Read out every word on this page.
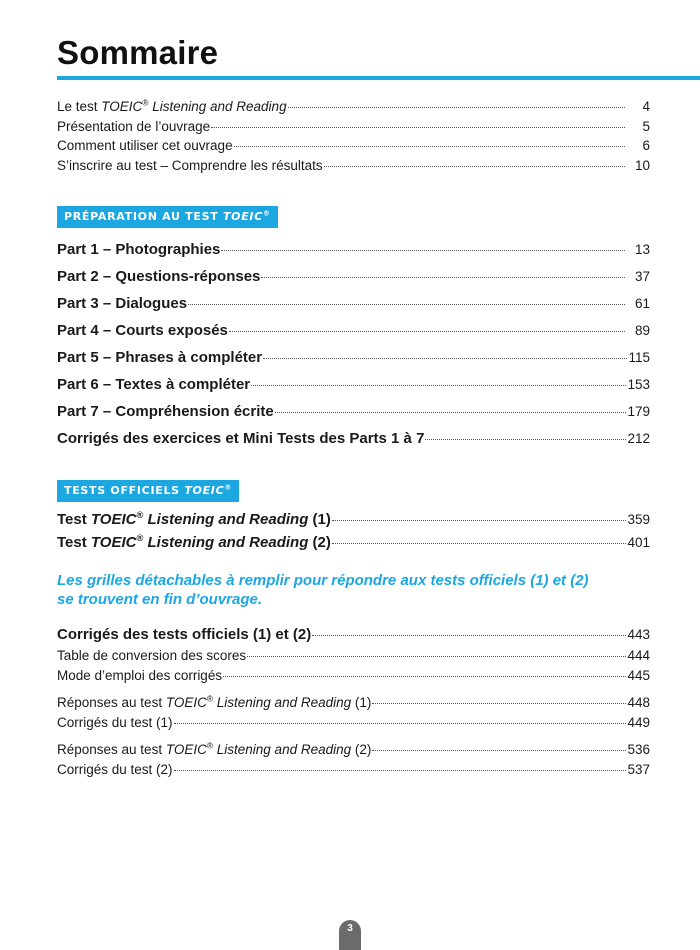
Sommaire
Le test TOEIC® Listening and Reading	4
Présentation de l’ouvrage	5
Comment utiliser cet ouvrage	6
S’inscrire au test – Comprendre les résultats	10
PRÉPARATION AU TEST TOEIC®
Part 1 – Photographies	13
Part 2 – Questions-réponses	37
Part 3 – Dialogues	61
Part 4 – Courts exposés	89
Part 5 – Phrases à compléter	115
Part 6 – Textes à compléter	153
Part 7 – Compréhension écrite	179
Corrigés des exercices et Mini Tests des Parts 1 à 7	212
TESTS OFFICIELS TOEIC®
Test TOEIC® Listening and Reading (1)	359
Test TOEIC® Listening and Reading (2)	401
Les grilles détachables à remplir pour répondre aux tests officiels (1) et (2)
se trouvent en fin d’ouvrage.
Corrigés des tests officiels (1) et (2)	443
Table de conversion des scores	444
Mode d’emploi des corrigés	445
Réponses au test TOEIC® Listening and Reading (1)	448
Corrigés du test (1)	449
Réponses au test TOEIC® Listening and Reading (2)	536
Corrigés du test (2)	537
3
